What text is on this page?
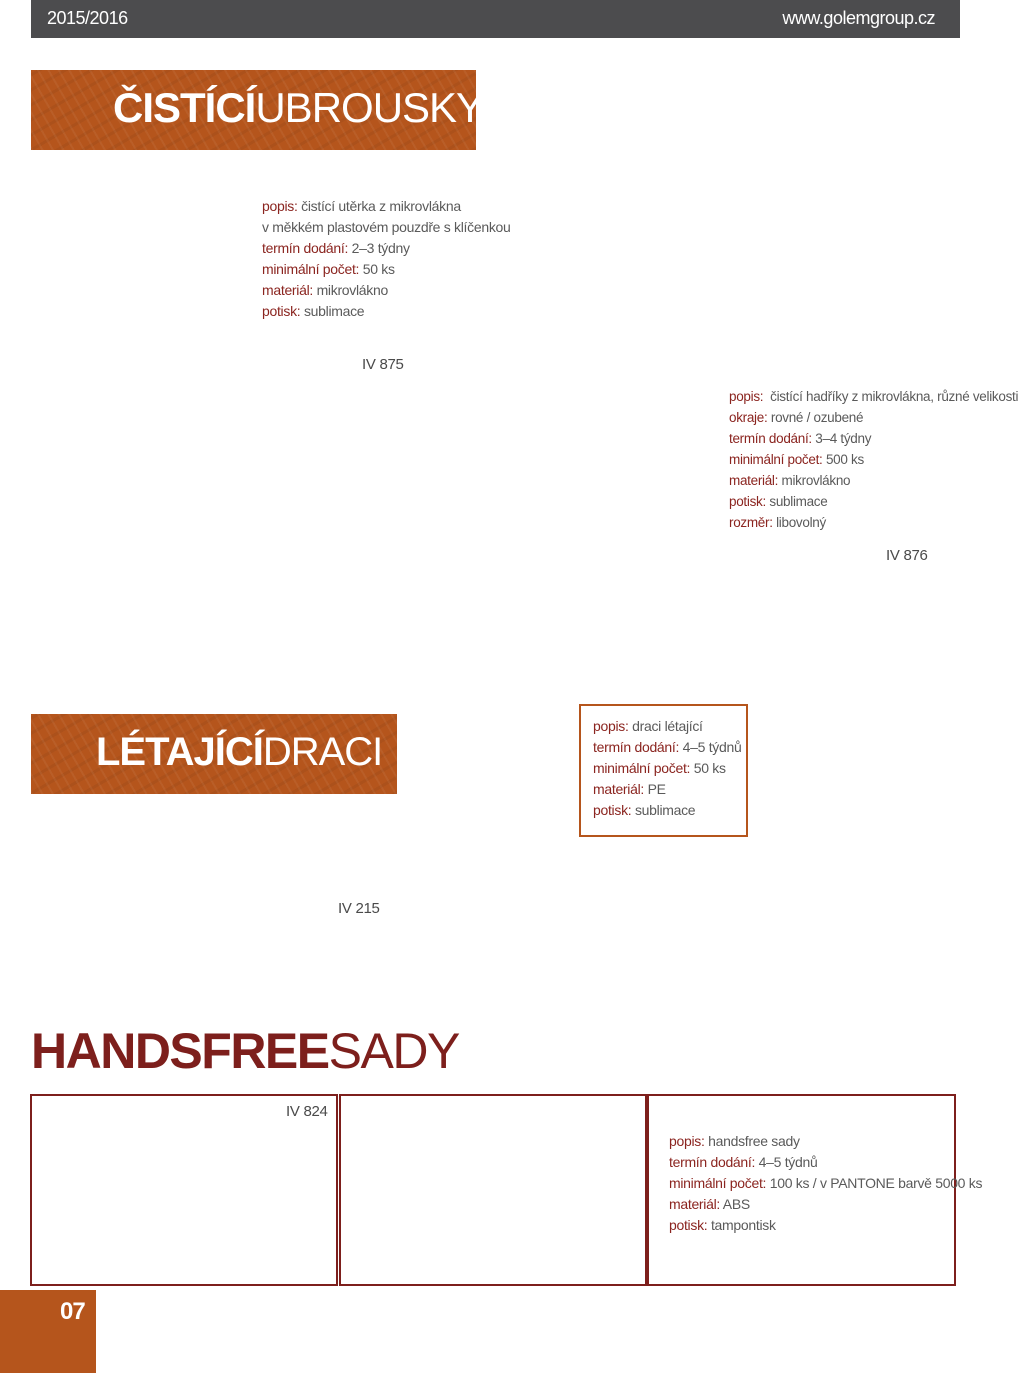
2015/2016	www.golemgroup.cz
ČISTÍCÍUBROUSKY
popis: čistící utěrka z mikrovlákna
v měkkém plastovém pouzdře s klíčenkou
termín dodání: 2–3 týdny
minimální počet: 50 ks
materiál: mikrovlákno
potisk: sublimace
IV 875
popis:  čistící hadříky z mikrovlákna, různé velikosti
okraje: rovné / ozubené
termín dodání: 3–4 týdny
minimální počet: 500 ks
materiál: mikrovlákno
potisk: sublimace
rozměr: libovolný
IV 876
LÉTAJÍCÍDRACI
popis: draci létající
termín dodání: 4–5 týdnů
minimální počet: 50 ks
materiál: PE
potisk: sublimace
IV 215
HANDSFREESADY
IV 824
popis: handsfree sady
termín dodání: 4–5 týdnů
minimální počet: 100 ks / v PANTONE barvě 5000 ks
materiál: ABS
potisk: tampontisk
07
